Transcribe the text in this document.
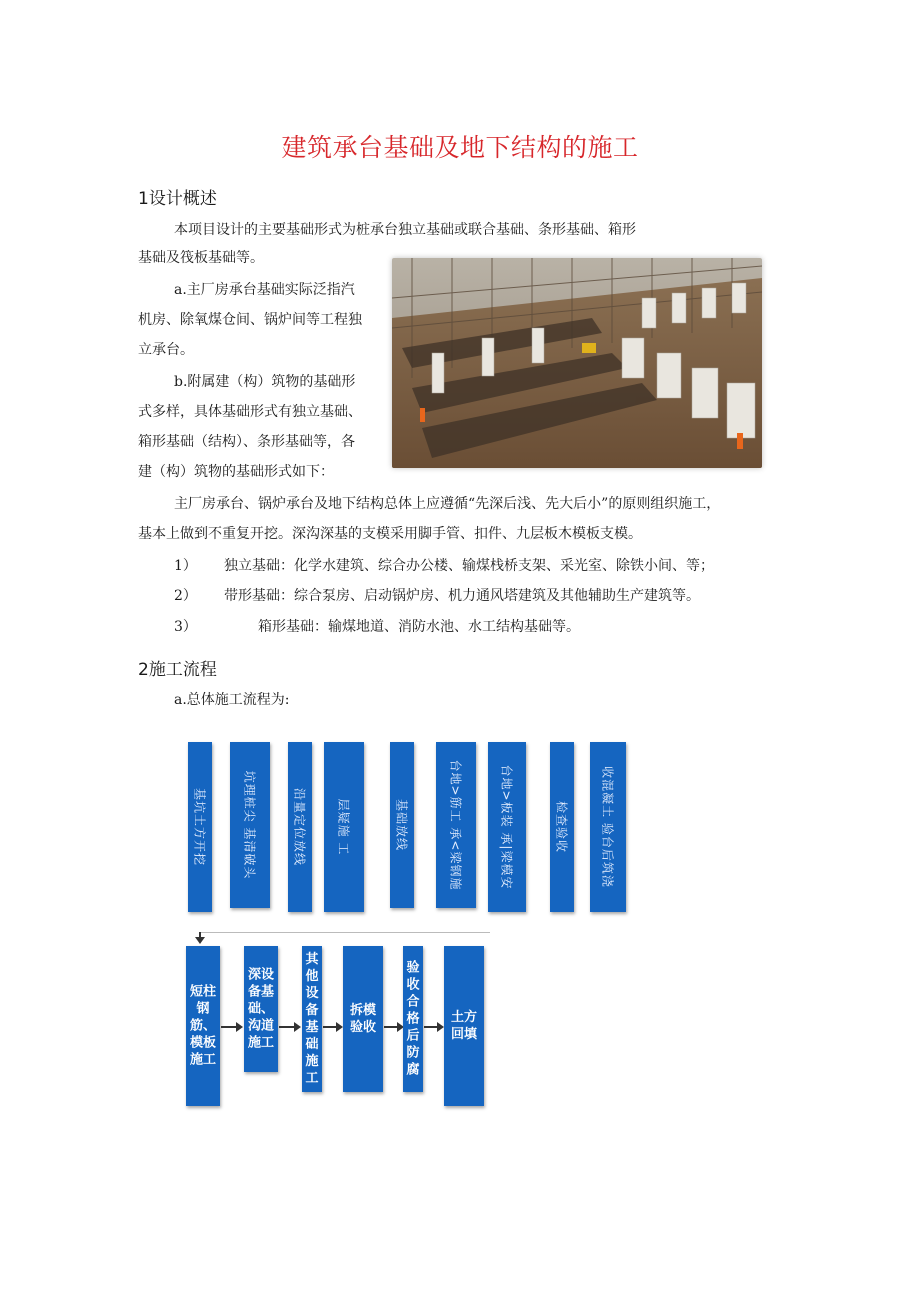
建筑承台基础及地下结构的施工
1设计概述
本项目设计的主要基础形式为桩承台独立基础或联合基础、条形基础、箱形
基础及筏板基础等。
a.主厂房承台基础实际泛指汽
机房、除氧煤仓间、锅炉间等工程独
立承台。
b.附属建（构）筑物的基础形
式多样，具体基础形式有独立基础、
箱形基础（结构）、条形基础等，各
建（构）筑物的基础形式如下：
主厂房承台、锅炉承台及地下结构总体上应遵循“先深后浅、先大后小”的原则组织施工，
基本上做到不重复开挖。深沟深基的支模采用脚手管、扣件、九层板木模板支模。
1） 独立基础：化学水建筑、综合办公楼、输煤栈桥支架、采光室、除铁小间、等；
2） 带形基础：综合泵房、启动锅炉房、机力通风塔建筑及其他辅助生产建筑等。
3）	箱形基础：输煤地道、消防水池、水工结构基础等。
2施工流程
a.总体施工流程为:
基坑土方开挖	坑理桩尖 基清破头	沿量定位放线	层疑施 工	基础放线	台地>筋工 承<梁钢施	台地>板装 承|梁模安	检查验收	收混凝土 验台后筑浇
短柱钢筋、模板施工
深设备基础、沟道施工
其他设备基础施工
拆模验收
验收合格后防腐
土方回填
